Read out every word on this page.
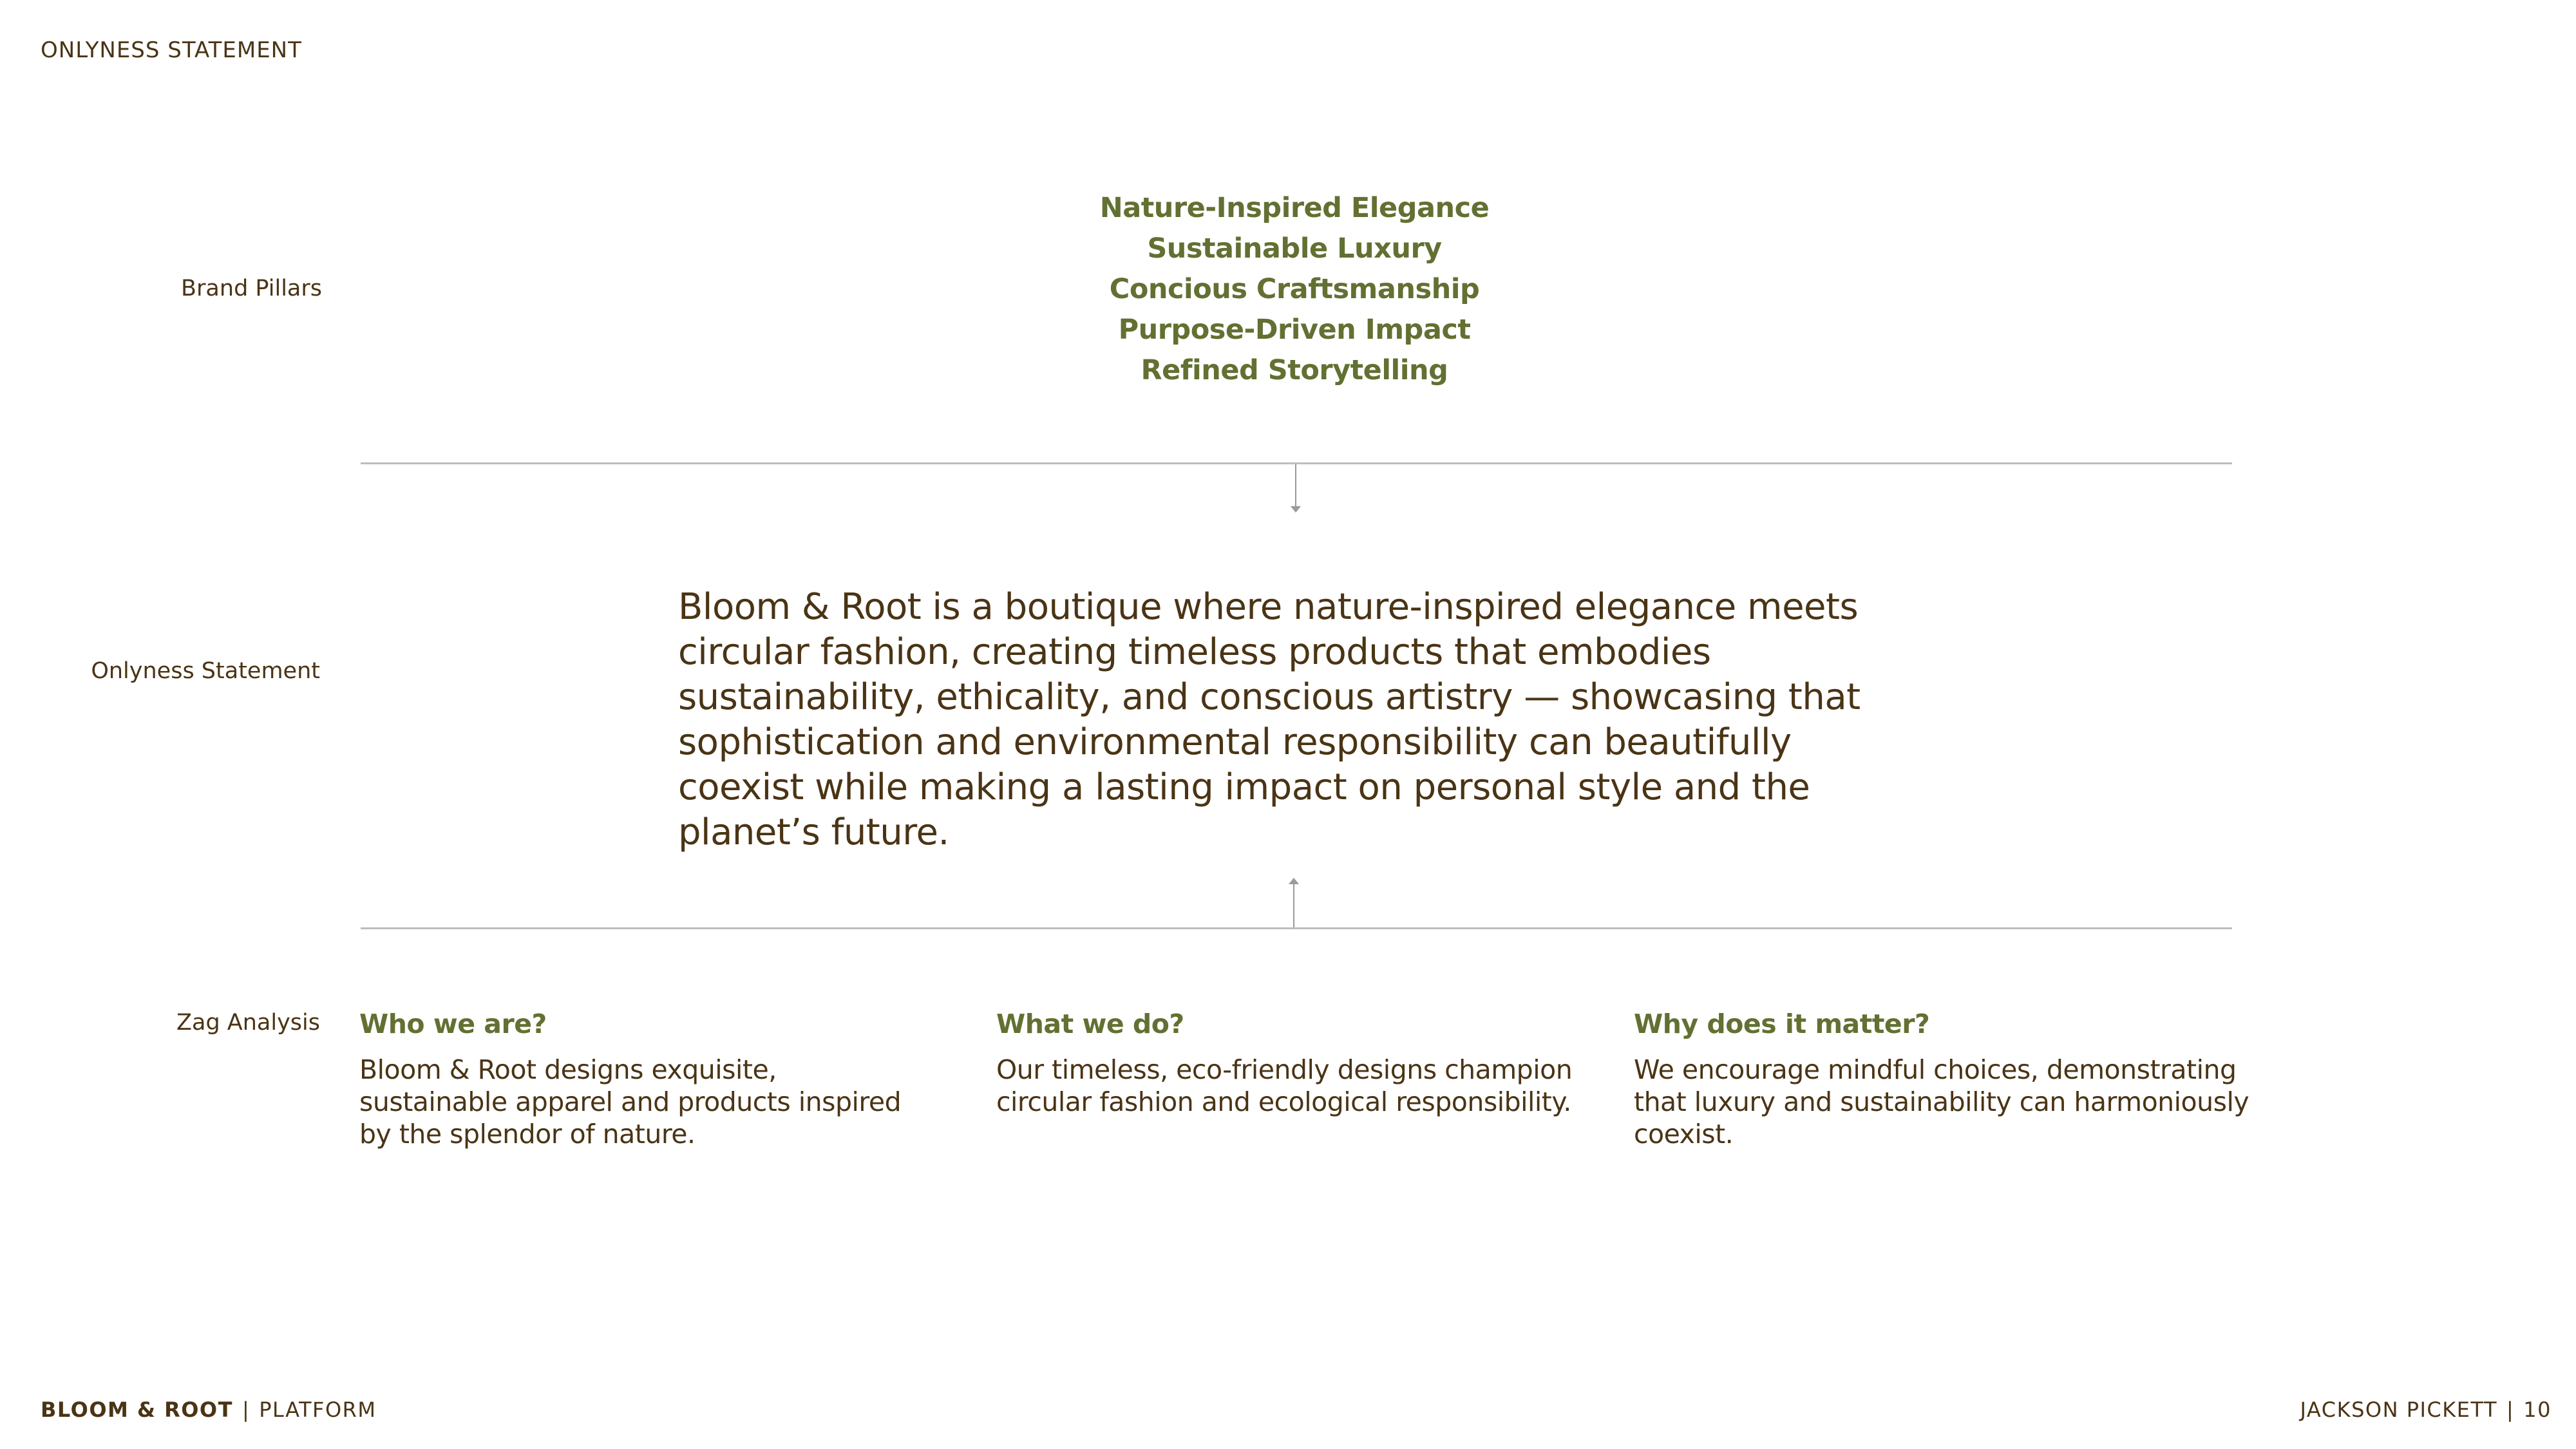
ONLYNESS STATEMENT
Brand Pillars
Nature-Inspired Elegance
Sustainable Luxury
Concious Craftsmanship
Purpose-Driven Impact
Refined Storytelling
Onlyness Statement
Bloom & Root is a boutique where nature-inspired elegance meets circular fashion, creating timeless products that embodies sustainability, ethicality, and conscious artistry — showcasing that sophistication and environmental responsibility can beautifully coexist while making a lasting impact on personal style and the planet’s future.
Zag Analysis Who we are?
Bloom & Root designs exquisite, sustainable apparel and products inspired by the splendor of nature.
What we do?
Our timeless, eco-friendly designs champion circular fashion and ecological responsibility.
Why does it matter?
We encourage mindful choices, demonstrating that luxury and sustainability can harmoniously coexist.
BLOOM & ROOT | PLATFORM	JACKSON PICKETT | 10
